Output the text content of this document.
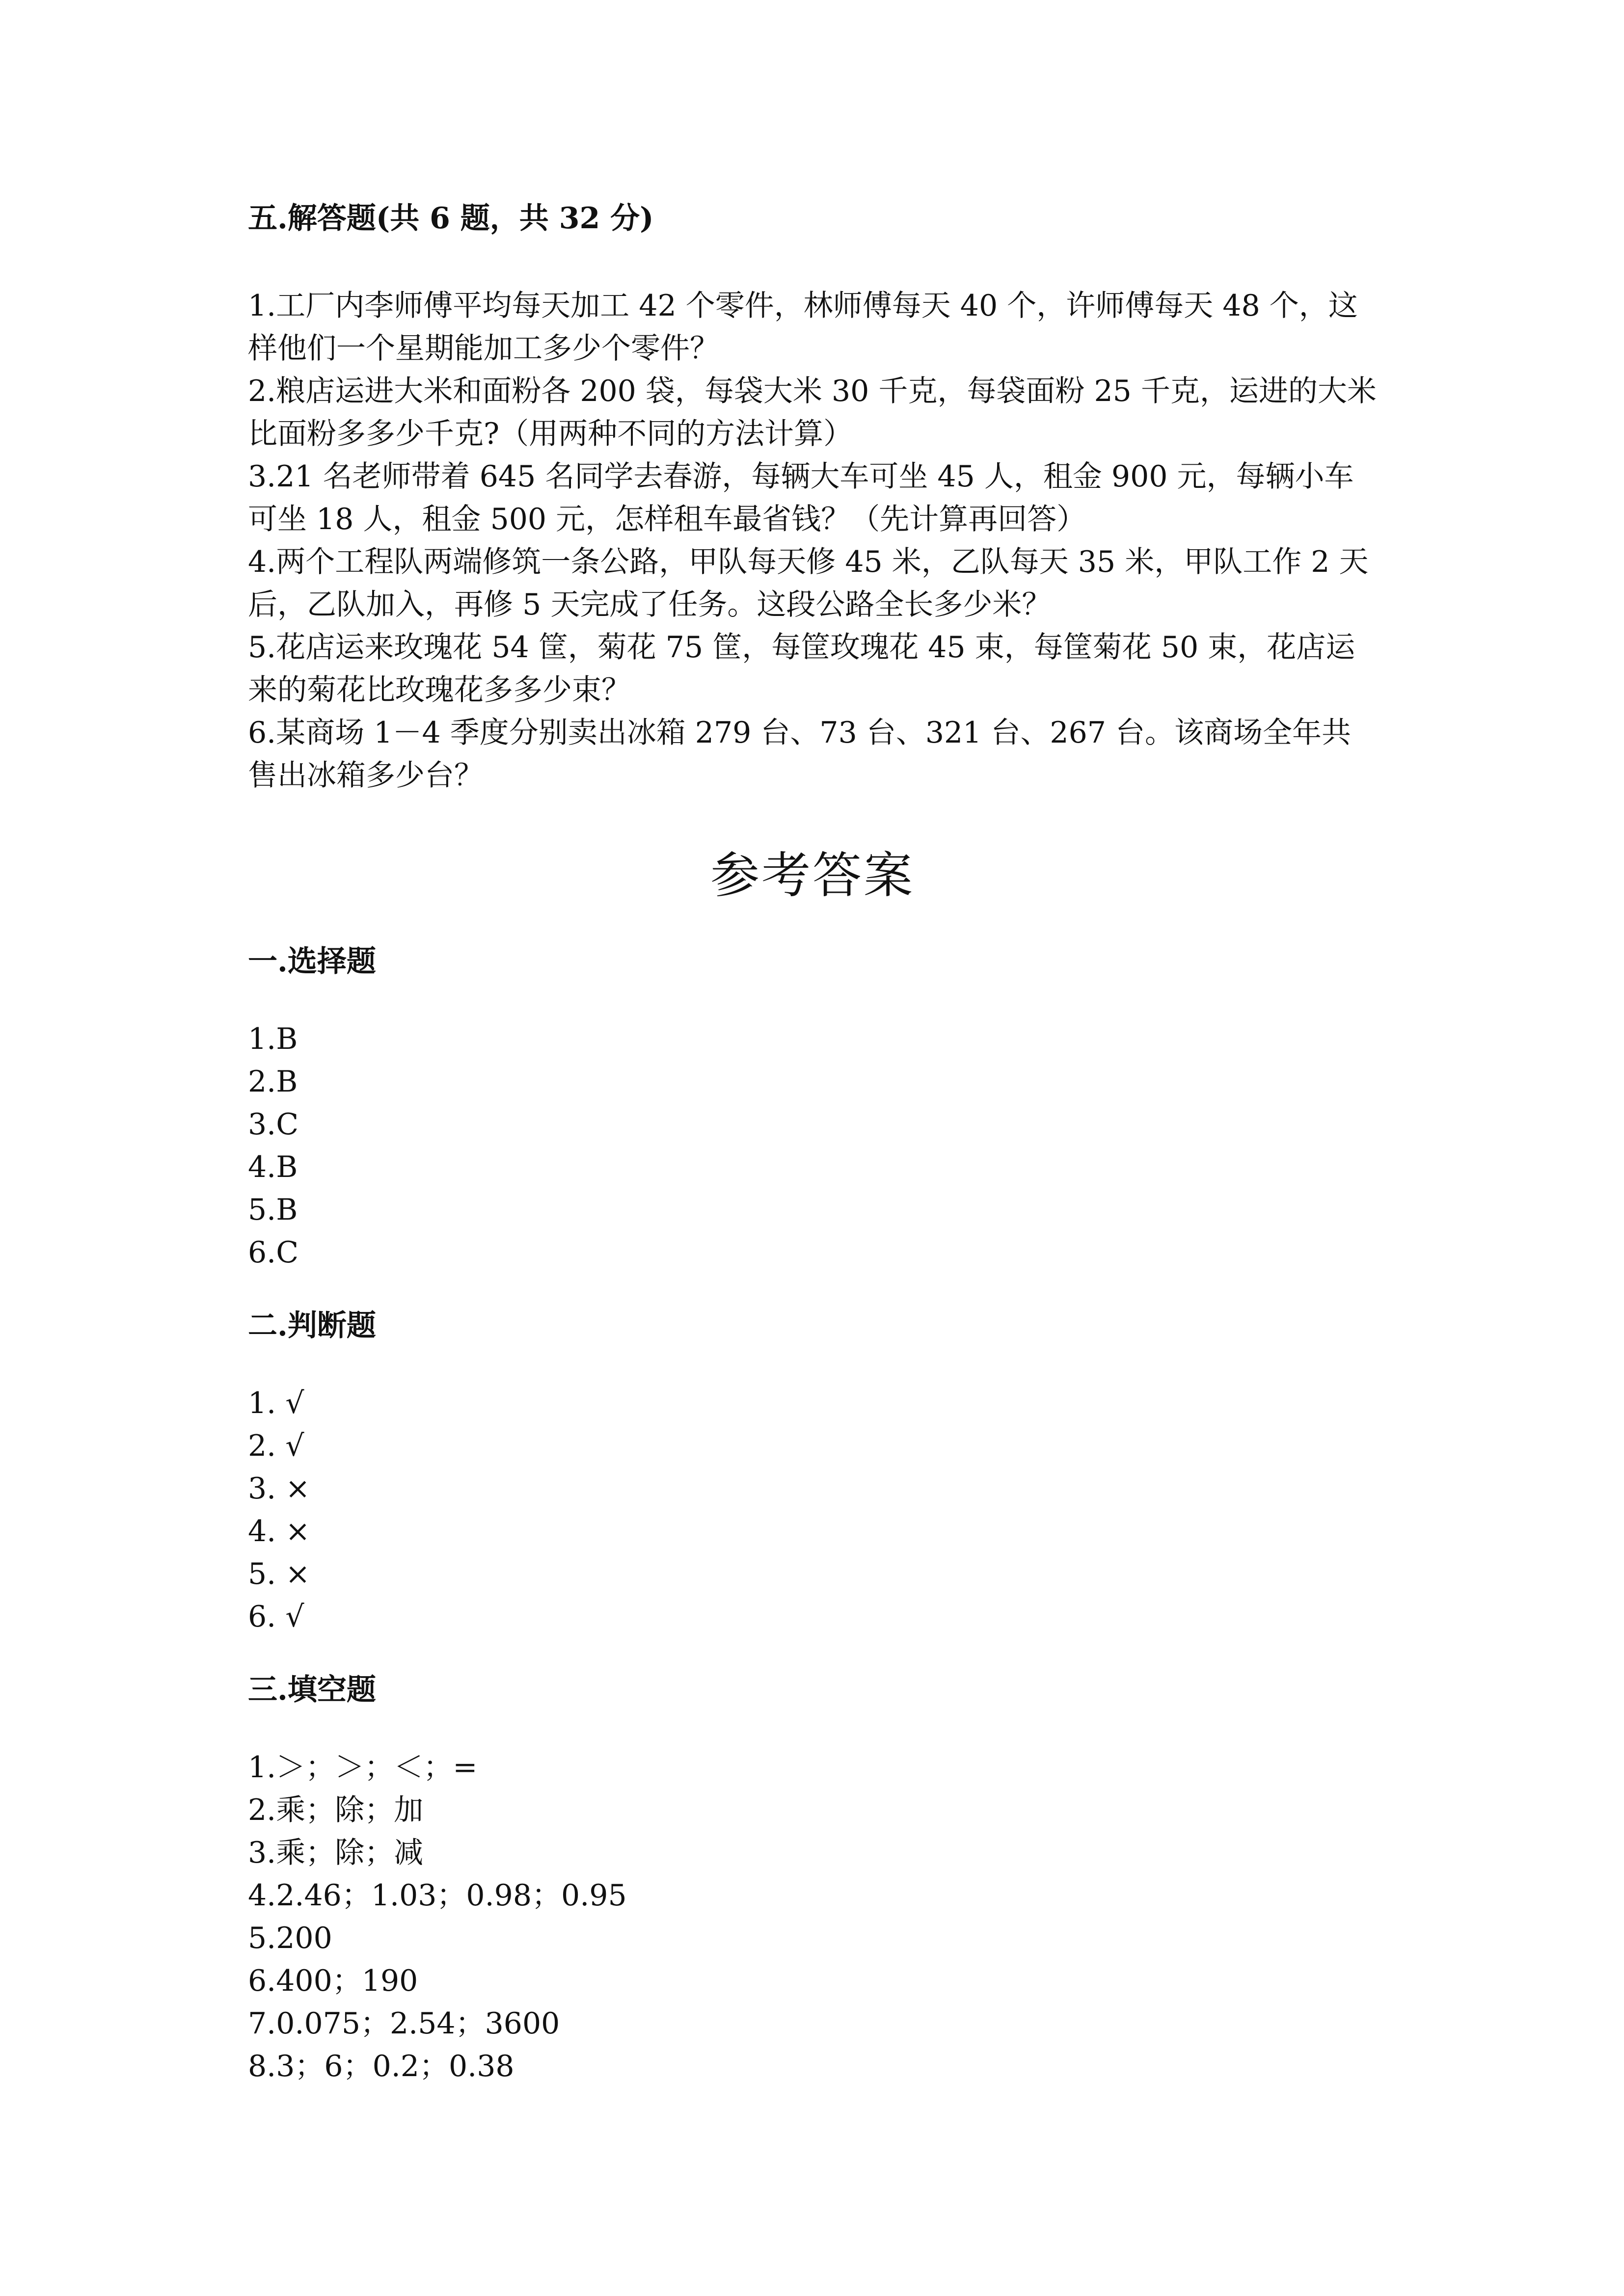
五.解答题(共 6 题，共 32 分)

1.工厂内李师傅平均每天加工 42 个零件，林师傅每天 40 个，许师傅每天 48 个，这样他们一个星期能加工多少个零件？

2.粮店运进大米和面粉各 200 袋，每袋大米 30 千克，每袋面粉 25 千克，运进的大米比面粉多多少千克?（用两种不同的方法计算）

3.21 名老师带着 645 名同学去春游，每辆大车可坐 45 人，租金 900 元，每辆小车可坐 18 人，租金 500 元，怎样租车最省钱？（先计算再回答）

4.两个工程队两端修筑一条公路，甲队每天修 45 米，乙队每天 35 米，甲队工作 2 天后，乙队加入，再修 5 天完成了任务。这段公路全长多少米？

5.花店运来玫瑰花 54 筐，菊花 75 筐，每筐玫瑰花 45 束，每筐菊花 50 束，花店运来的菊花比玫瑰花多多少束？

6.某商场 1－4 季度分别卖出冰箱 279 台、73 台、321 台、267 台。该商场全年共售出冰箱多少台？

参考答案
一.选择题

1.B

2.B

3.C

4.B

5.B

6.C

二.判断题

1. √

2. √

3. ×

4. ×

5. ×

6. √

三.填空题

1.＞；＞；＜；=

2.乘；除；加

3.乘；除；减

4.2.46；1.03；0.98；0.95

5.200

6.400；190

7.0.075；2.54；3600

8.3；6；0.2；0.38
